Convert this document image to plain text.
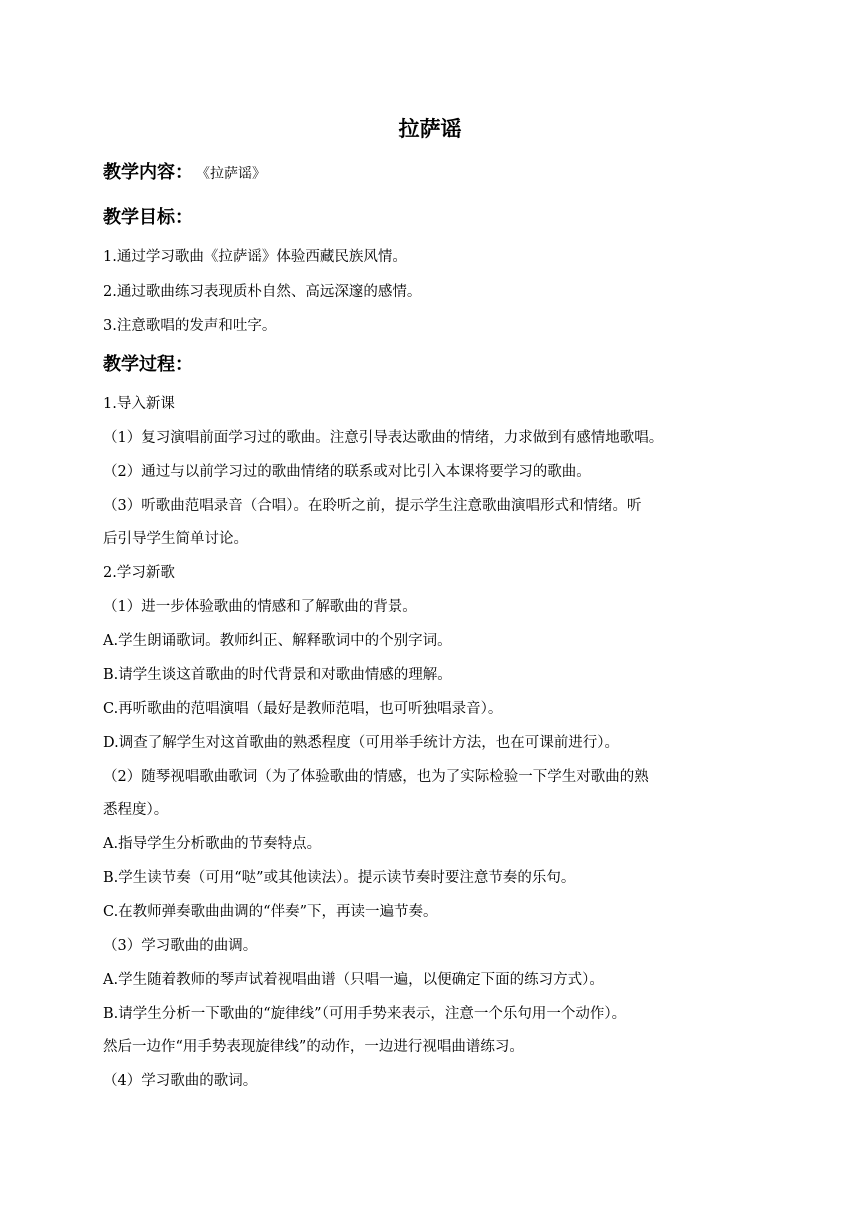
拉萨谣
教学内容： 《拉萨谣》
教学目标：
1.通过学习歌曲《拉萨谣》体验西藏民族风情。
2.通过歌曲练习表现质朴自然、高远深邃的感情。
3.注意歌唱的发声和吐字。
教学过程：
1.导入新课
（1）复习演唱前面学习过的歌曲。注意引导表达歌曲的情绪，力求做到有感情地歌唱。
（2）通过与以前学习过的歌曲情绪的联系或对比引入本课将要学习的歌曲。
（3）听歌曲范唱录音（合唱）。在聆听之前，提示学生注意歌曲演唱形式和情绪。听
后引导学生简单讨论。
2.学习新歌
（1）进一步体验歌曲的情感和了解歌曲的背景。
A.学生朗诵歌词。教师纠正、解释歌词中的个别字词。
B.请学生谈这首歌曲的时代背景和对歌曲情感的理解。
C.再听歌曲的范唱演唱（最好是教师范唱，也可听独唱录音）。
D.调查了解学生对这首歌曲的熟悉程度（可用举手统计方法，也在可课前进行）。
（2）随琴视唱歌曲歌词（为了体验歌曲的情感，也为了实际检验一下学生对歌曲的熟
悉程度）。
A.指导学生分析歌曲的节奏特点。
B.学生读节奏（可用“哒”或其他读法）。提示读节奏时要注意节奏的乐句。
C.在教师弹奏歌曲曲调的“伴奏”下，再读一遍节奏。
（3）学习歌曲的曲调。
A.学生随着教师的琴声试着视唱曲谱（只唱一遍，以便确定下面的练习方式）。
B.请学生分析一下歌曲的“旋律线”（可用手势来表示，注意一个乐句用一个动作）。
然后一边作“用手势表现旋律线”的动作，一边进行视唱曲谱练习。
（4）学习歌曲的歌词。
